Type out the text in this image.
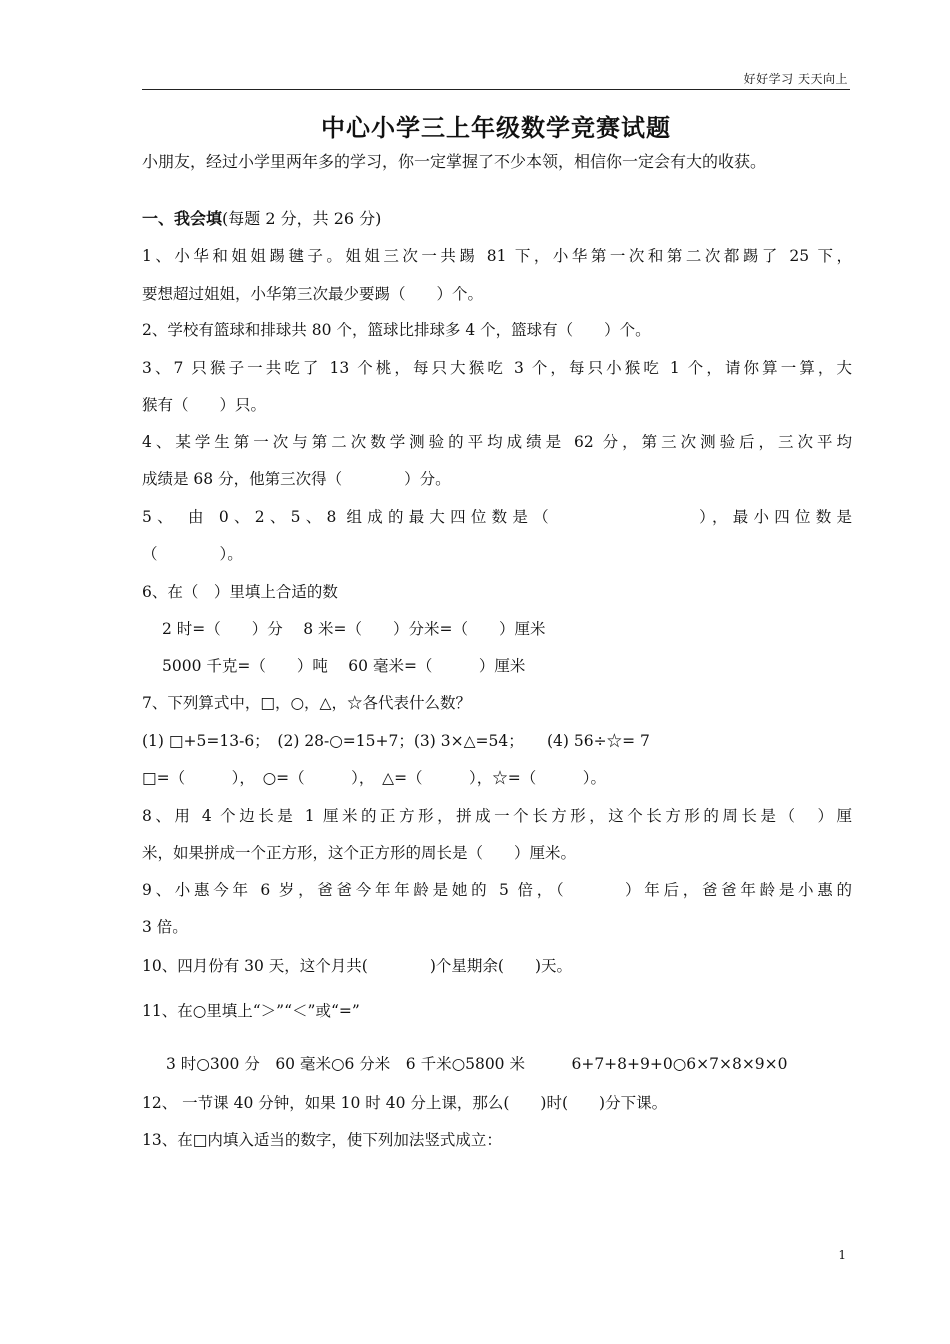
好好学习 天天向上
中心小学三上年级数学竞赛试题
小朋友，经过小学里两年多的学习，你一定掌握了不少本领，相信你一定会有大的收获。
一、我会填(每题 2 分，共 26 分)
1、小华和姐姐踢毽子。姐姐三次一共踢 81 下，小华第一次和第二次都踢了 25 下，
要想超过姐姐，小华第三次最少要踢（　　）个。
2、学校有篮球和排球共 80 个，篮球比排球多 4 个，篮球有（　　）个。
3、7 只猴子一共吃了 13 个桃，每只大猴吃 3 个，每只小猴吃 1 个，请你算一算，大
猴有（　　）只。
4、某学生第一次与第二次数学测验的平均成绩是 62 分，第三次测验后，三次平均
成绩是 68 分，他第三次得（　　　　）分。
5、 由 0、2、5、8 组成的最大四位数是（　　　　　　　），最小四位数是
（　　　　）。
6、在（　）里填上合适的数
2 时=（　　）分　 8 米=（　　）分米=（　　）厘米
5000 千克=（　　）吨　 60 毫米=（　　　）厘米
7、下列算式中，□，○，△，☆各代表什么数？
(1) □+5=13-6；　(2) 28-○=15+7；(3) 3×△=54；　　(4) 56÷☆= 7
□=（　　　），　○=（　　　），　△=（　　　），☆=（　　　）。
8、用 4 个边长是 1 厘米的正方形，拼成一个长方形，这个长方形的周长是（　）厘
米，如果拼成一个正方形，这个正方形的周长是（　　）厘米。
9、小惠今年 6 岁，爸爸今年年龄是她的 5 倍，（　　　）年后，爸爸年龄是小惠的
3 倍。
10、四月份有 30 天，这个月共(　　　　)个星期余(　　)天。
11、在○里填上“＞”“＜”或“=”
3 时○300 分　60 毫米○6 分米　6 千米○5800 米　　　6+7+8+9+0○6×7×8×9×0
12、 一节课 40 分钟，如果 10 时 40 分上课，那么(　　)时(　　)分下课。
13、在□内填入适当的数字，使下列加法竖式成立：
1
